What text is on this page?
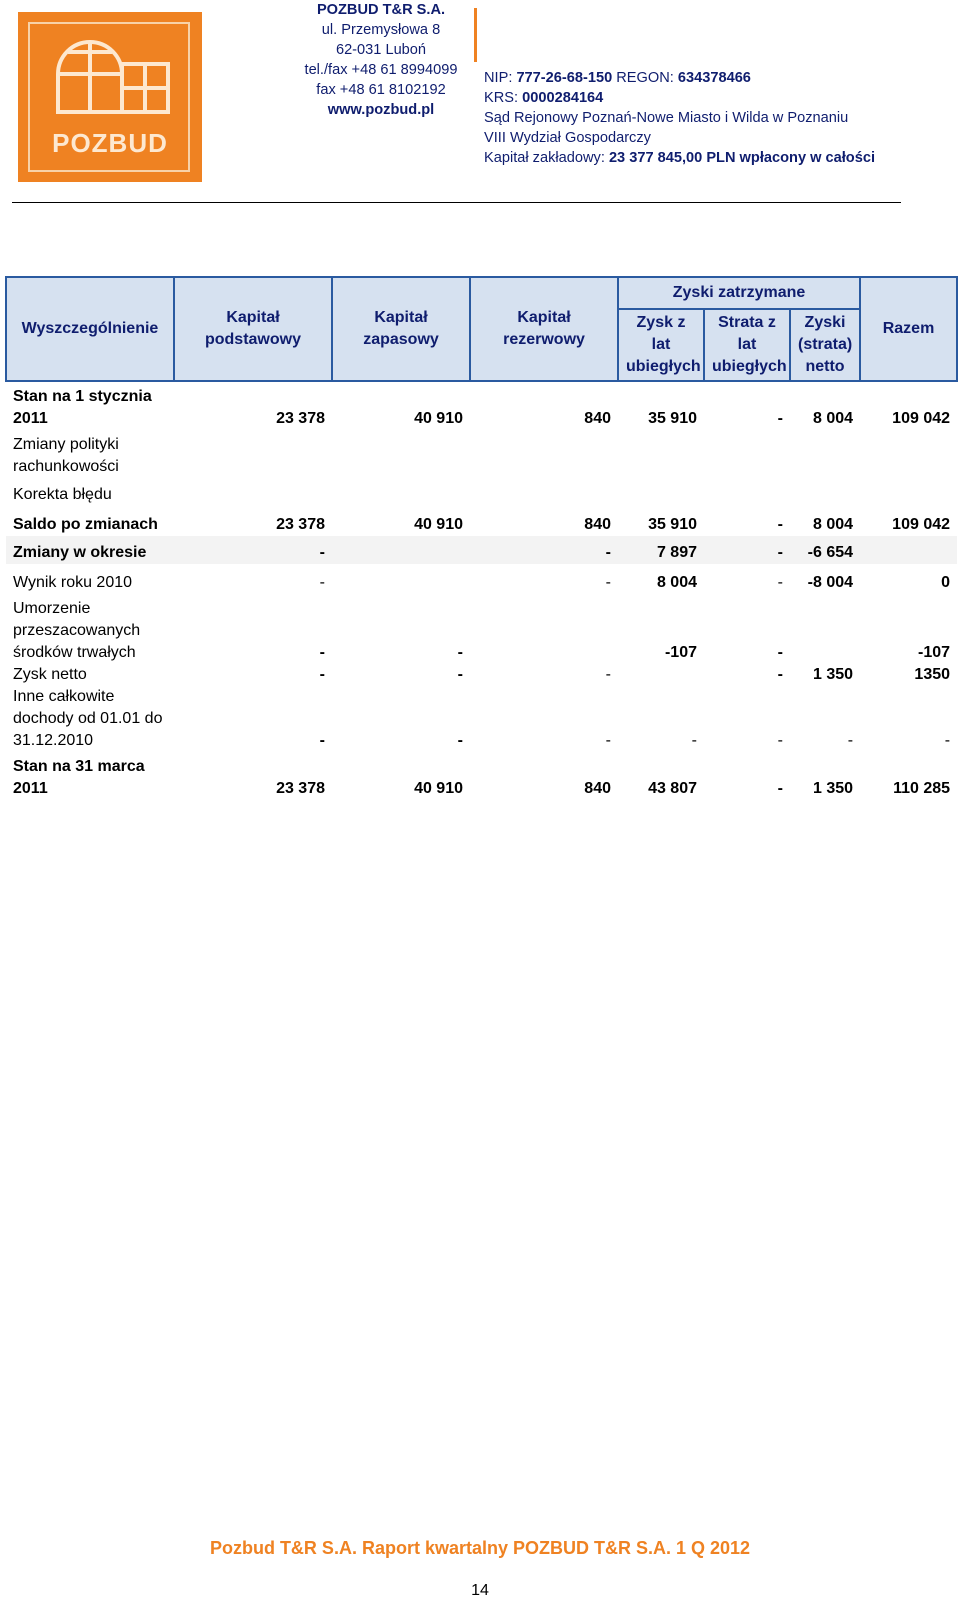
POZBUD
POZBUD T&R S.A.
ul. Przemysłowa 8
62-031 Luboń
tel./fax +48 61 8994099
fax +48 61 8102192
www.pozbud.pl
NIP: 777-26-68-150 REGON: 634378466
KRS: 0000284164
Sąd Rejonowy Poznań-Nowe Miasto i Wilda w Poznaniu
VIII Wydział Gospodarczy
Kapitał zakładowy: 23 377 845,00 PLN wpłacony w całości
Wyszczególnienie	Kapitał podstawowy	Kapitał zapasowy	Kapitał rezerwowy	Zyski zatrzymane			Razem
				Zysk z lat ubiegłych	Strata z lat ubiegłych	Zyski (strata) netto	
Stan na 1 stycznia 2011	23 378	40 910	840	35 910	-	8 004	109 042
Zmiany polityki rachunkowości							
Korekta błędu							
Saldo po zmianach	23 378	40 910	840	35 910	-	8 004	109 042
Zmiany w okresie	-		-	7 897	-	-6 654	
Wynik roku 2010	-		-	8 004	-	-8 004	0
Umorzenie przeszacowanych środków trwałych	-	-		-107	-		-107
Zysk netto	-	-	-		-	1 350	1350
Inne całkowite dochody od 01.01 do 31.12.2010	-	-	-	-	-	-	-
Stan na 31 marca 2011	23 378	40 910	840	43 807	-	1 350	110 285
Pozbud T&R S.A. Raport kwartalny POZBUD T&R S.A. 1 Q 2012
14
